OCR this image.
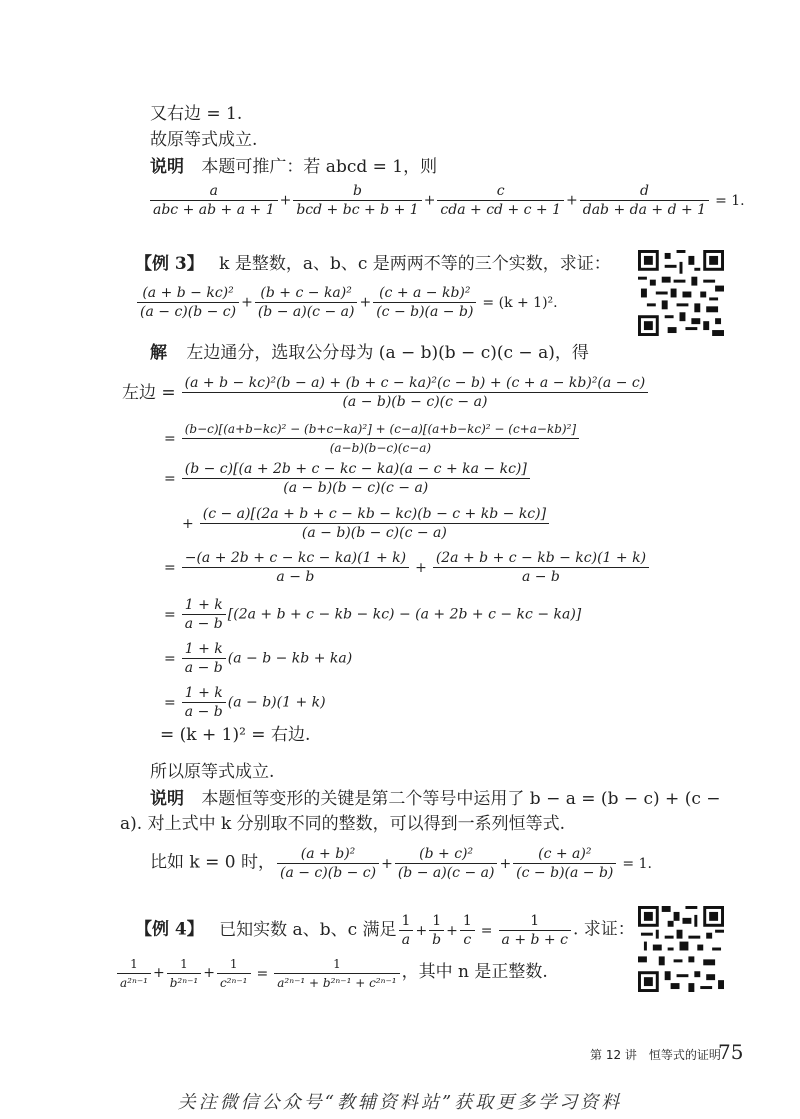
又右边 = 1.
故原等式成立.
说明 本题可推广：若 abcd = 1，则
$\frac{a}{\text{abc + ab + a + 1}} + \frac{b}{\text{bcd + bc + b + 1}} + \frac{c}{\text{cda + cd + c + 1}} + \frac{d}{\text{dab + da + d + 1}} = 1$.
【例 3】 k 是整数，a、b、c 是两两不等的三个实数，求证：
$\frac{\text{(a + b − kc)²}}{(a - c)(b - c)} + \frac{\text{(b + c − ka)²}}{(b - a)(c - a)} + \frac{\text{(c + a − kb)²}}{(c - b)(a - b)} = (k + 1)^2$.
解 左边通分，选取公分母为 (a − b)(b − c)(c − a)，得
左边 = (a + b − kc)²(b − a) + (b + c − ka)²(c − b) + (c + a − kb)²(a − c)
(a − b)(b − c)(c − a)
= $\frac{\text{(b−c)[(a+b−kc)² − (b+c−ka)²] + (c−a)[(a+b−kc)² − (c+a−kb)²]}}{(a-b)(b-c)(c-a)}$
= $\frac{(b - c)[(a + 2b + c - kc - ka)(a - c + ka - kc)]}{(a - b)(b - c)(c - a)}$
+ $\frac{(c - a)[(2a + b + c - kb - kc)(b - c + kb - kc)]}{(a - b)(b - c)(c - a)}$
= $\frac{-(a + 2b + c - kc - ka)(1 + k)}{a - b} + \frac{(2a + b + c - kb - kc)(1 + k)}{a - b}$
= $\frac{1 + k}{a - b} [(2a + b + c$ − kb − kc) − (a + 2b + c − kc − ka)]
= $\frac{1 + k}{a - b} (a - b$ − kb + ka)
= $\frac{1 + k}{a - b} (a - b)(1 + k)$
= (k + 1)² = 右边.
所以原等式成立.
说明 本题恒等变形的关键是第二个等号中运用了 b − a = (b − c) + (c −
a). 对上式中 k 分别取不同的整数，可以得到一系列恒等式.
比如 k = 0 时， $\frac{\text{(a + b)²}}{(a - c)(b - c)} + \frac{\text{(b + c)²}}{(b - a)(c - a)} + \frac{\text{(c + a)²}}{(c - b)(a - b)} = 1$.
【例 4】 已知实数 a、b、c 满足 $\frac{1}{a} + \frac{1}{b} + \frac{1}{c} = \frac{1}{a + b + c}$ . 求证：
$\frac{1}{\text{a²ⁿ⁻¹}} + \frac{1}{\text{b²ⁿ⁻¹}} + \frac{1}{\text{c²ⁿ⁻¹}} = \frac{1}{\text{a²ⁿ⁻¹ + b²ⁿ⁻¹ + c²ⁿ⁻¹}}$ ，其中 n 是正整数.
第 12 讲　恒等式的证明
75
关注微信公众号“教辅资料站”获取更多学习资料
